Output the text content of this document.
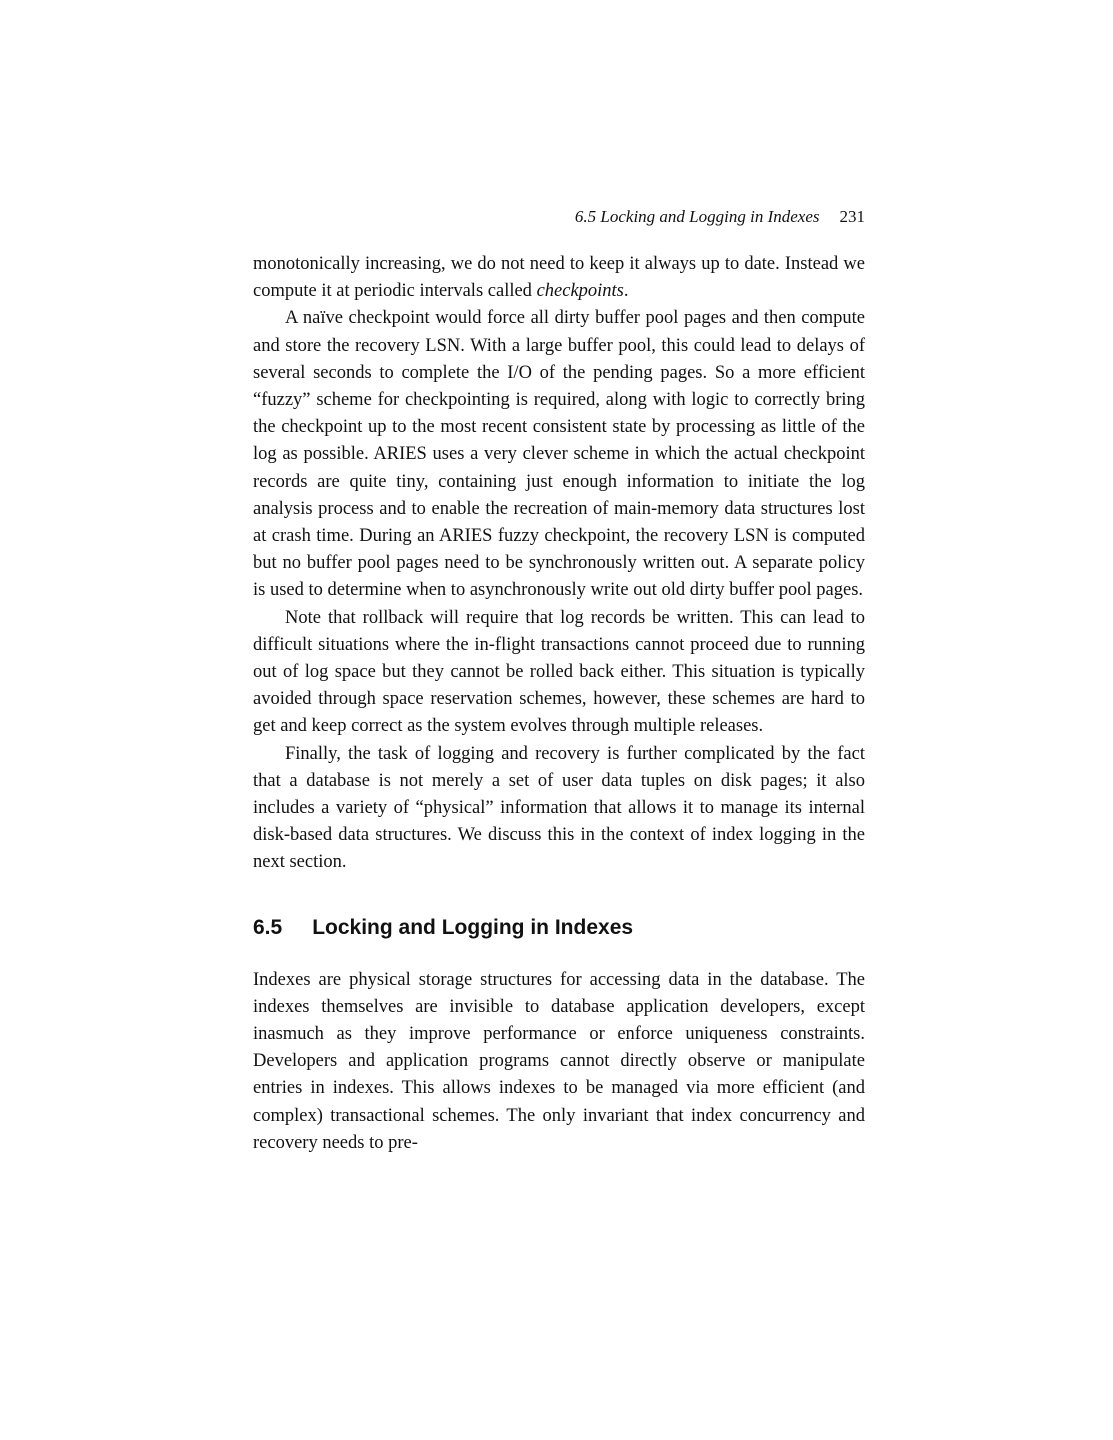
6.5 Locking and Logging in Indexes 231

monotonically increasing, we do not need to keep it always up to date. Instead we compute it at periodic intervals called checkpoints.

A naïve checkpoint would force all dirty buffer pool pages and then compute and store the recovery LSN. With a large buffer pool, this could lead to delays of several seconds to complete the I/O of the pending pages. So a more efficient “fuzzy” scheme for checkpointing is required, along with logic to correctly bring the checkpoint up to the most recent consistent state by processing as little of the log as possible. ARIES uses a very clever scheme in which the actual checkpoint records are quite tiny, containing just enough information to initiate the log analysis process and to enable the recreation of main-memory data structures lost at crash time. During an ARIES fuzzy checkpoint, the recovery LSN is computed but no buffer pool pages need to be synchronously written out. A separate policy is used to determine when to asynchronously write out old dirty buffer pool pages.

Note that rollback will require that log records be written. This can lead to difficult situations where the in-flight transactions cannot proceed due to running out of log space but they cannot be rolled back either. This situation is typically avoided through space reservation schemes, however, these schemes are hard to get and keep correct as the system evolves through multiple releases.

Finally, the task of logging and recovery is further complicated by the fact that a database is not merely a set of user data tuples on disk pages; it also includes a variety of “physical” information that allows it to manage its internal disk-based data structures. We discuss this in the context of index logging in the next section.

6.5 Locking and Logging in Indexes

Indexes are physical storage structures for accessing data in the database. The indexes themselves are invisible to database application developers, except inasmuch as they improve performance or enforce uniqueness constraints. Developers and application programs cannot directly observe or manipulate entries in indexes. This allows indexes to be managed via more efficient (and complex) transactional schemes. The only invariant that index concurrency and recovery needs to pre-
